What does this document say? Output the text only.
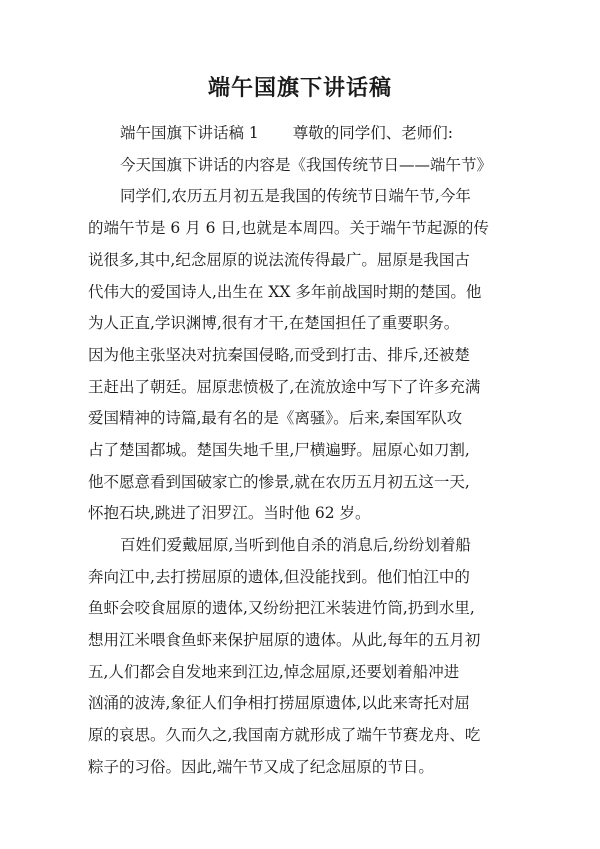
端午国旗下讲话稿
端午国旗下讲话稿 1 尊敬的同学们、老师们:
今天国旗下讲话的内容是《我国传统节日——端午节》
同学们,农历五月初五是我国的传统节日端午节,今年
的端午节是 6 月 6 日,也就是本周四。关于端午节起源的传
说很多,其中,纪念屈原的说法流传得最广。屈原是我国古
代伟大的爱国诗人,出生在 XX 多年前战国时期的楚国。他
为人正直,学识渊博,很有才干,在楚国担任了重要职务。
因为他主张坚决对抗秦国侵略,而受到打击、排斥,还被楚
王赶出了朝廷。屈原悲愤极了,在流放途中写下了许多充满
爱国精神的诗篇,最有名的是《离骚》。后来,秦国军队攻
占了楚国都城。楚国失地千里,尸横遍野。屈原心如刀割,
他不愿意看到国破家亡的惨景,就在农历五月初五这一天,
怀抱石块,跳进了汨罗江。当时他 62 岁。
百姓们爱戴屈原,当听到他自杀的消息后,纷纷划着船
奔向江中,去打捞屈原的遗体,但没能找到。他们怕江中的
鱼虾会咬食屈原的遗体,又纷纷把江米装进竹筒,扔到水里,
想用江米喂食鱼虾来保护屈原的遗体。从此,每年的五月初
五,人们都会自发地来到江边,悼念屈原,还要划着船冲进
汹涌的波涛,象征人们争相打捞屈原遗体,以此来寄托对屈
原的哀思。久而久之,我国南方就形成了端午节赛龙舟、吃
粽子的习俗。因此,端午节又成了纪念屈原的节日。
